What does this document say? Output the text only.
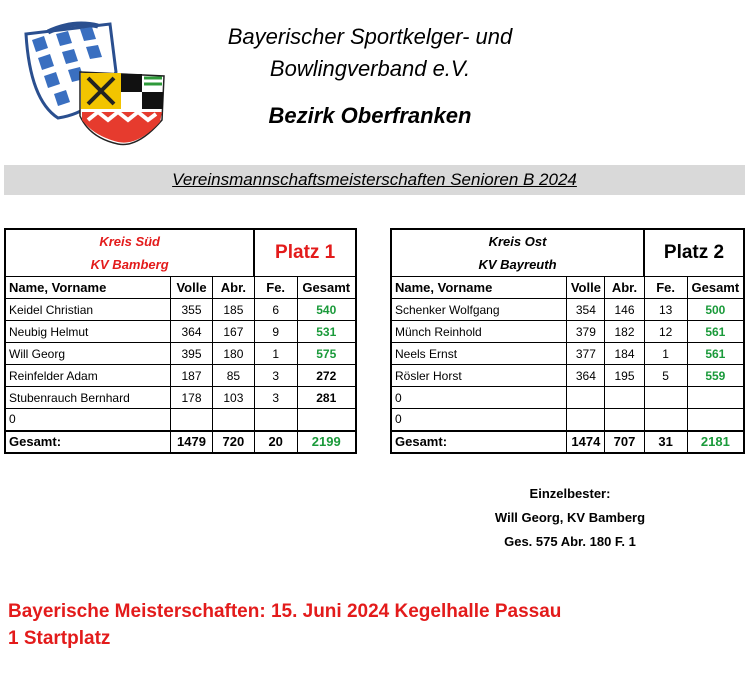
Bayerischer Sportkelger- und
Bowlingverband e.V.
Bezirk Oberfranken
Vereinsmannschaftsmeisterschaften Senioren B 2024
Kreis Süd
KV Bamberg			Platz 1	
Name, Vorname	Volle	Abr.	Fe.	Gesamt
Keidel Christian	355	185	6	540
Neubig Helmut	364	167	9	531
Will Georg	395	180	1	575
Reinfelder Adam	187	85	3	272
Stubenrauch Bernhard	178	103	3	281
0				
Gesamt:	1479	720	20	2199
Kreis Ost
KV Bayreuth			Platz 2	
Name, Vorname	Volle	Abr.	Fe.	Gesamt
Schenker Wolfgang	354	146	13	500
Münch Reinhold	379	182	12	561
Neels Ernst	377	184	1	561
Rösler Horst	364	195	5	559
0				
0				
Gesamt:	1474	707	31	2181
Einzelbester:
Will Georg, KV Bamberg
Ges. 575 Abr. 180 F. 1
Bayerische Meisterschaften: 15. Juni 2024 Kegelhalle Passau
1 Startplatz
